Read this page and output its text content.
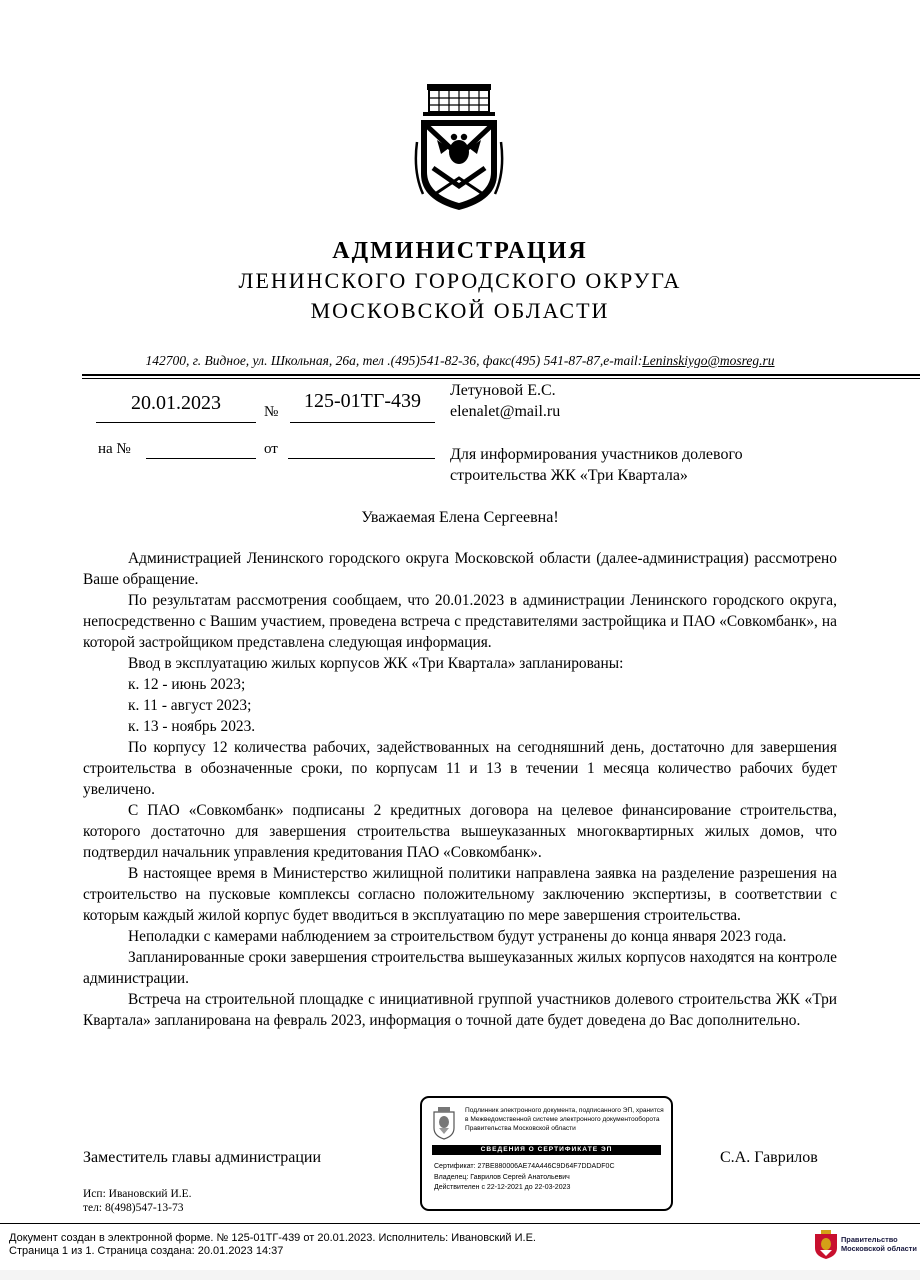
АДМИНИСТРАЦИЯ
ЛЕНИНСКОГО ГОРОДСКОГО ОКРУГА
МОСКОВСКОЙ ОБЛАСТИ
142700, г. Видное, ул. Школьная, 26а, тел .(495)541-82-36, факс(495) 541-87-87,e-mail:Leninskiygo@mosreg.ru
20.01.2023	№	125-01ТГ-439
на №	от
Летуновой Е.С.
elenalet@mail.ru
Для информирования участников долевого
строительства ЖК «Три Квартала»
Уважаемая Елена Сергеевна!

Администрацией Ленинского городского округа Московской области (далее-администрация) рассмотрено Ваше обращение.

По результатам рассмотрения сообщаем, что 20.01.2023 в администрации Ленинского городского округа, непосредственно с Вашим участием, проведена встреча с представителями застройщика и ПАО «Совкомбанк», на которой застройщиком представлена следующая информация.

Ввод в эксплуатацию жилых корпусов ЖК «Три Квартала» запланированы:

к. 12 - июнь 2023;

к. 11 - август 2023;

к. 13 - ноябрь 2023.

По корпусу 12 количества рабочих, задействованных на сегодняшний день, достаточно для завершения строительства в обозначенные сроки, по корпусам 11 и 13 в течении 1 месяца количество рабочих будет увеличено.

С ПАО «Совкомбанк» подписаны 2 кредитных договора на целевое финансирование строительства, которого достаточно для завершения строительства вышеуказанных многоквартирных жилых домов, что подтвердил начальник управления кредитования ПАО «Совкомбанк».

В настоящее время в Министерство жилищной политики направлена заявка на разделение разрешения на строительство на пусковые комплексы согласно положительному заключению экспертизы, в соответствии с которым каждый жилой корпус будет вводиться в эксплуатацию по мере завершения строительства.

Неполадки с камерами наблюдением за строительством будут устранены до конца января 2023 года.

Запланированные сроки завершения строительства вышеуказанных жилых корпусов находятся на контроле администрации.

Встреча на строительной площадке с инициативной группой участников долевого строительства ЖК «Три Квартала» запланирована на февраль 2023, информация о точной дате будет доведена до Вас дополнительно.

Заместитель главы администрации	С.А. Гаврилов
Исп: Ивановский И.Е.
тел: 8(498)547-13-73
Подлинник электронного документа, подписанного ЭП, хранится в Межведомственной системе электронного документооборота Правительства Московской области
СВЕДЕНИЯ О СЕРТИФИКАТЕ ЭП
Сертификат: 27BE880006AE74A446C9D64F7DDADF0C
Владелец: Гаврилов Сергей Анатольевич
Действителен с 22-12-2021 до 22-03-2023
Документ создан в электронной форме. № 125-01ТГ-439 от 20.01.2023. Исполнитель: Ивановский И.Е.
Страница 1 из 1. Страница создана: 20.01.2023 14:37
Правительство
Московской области
